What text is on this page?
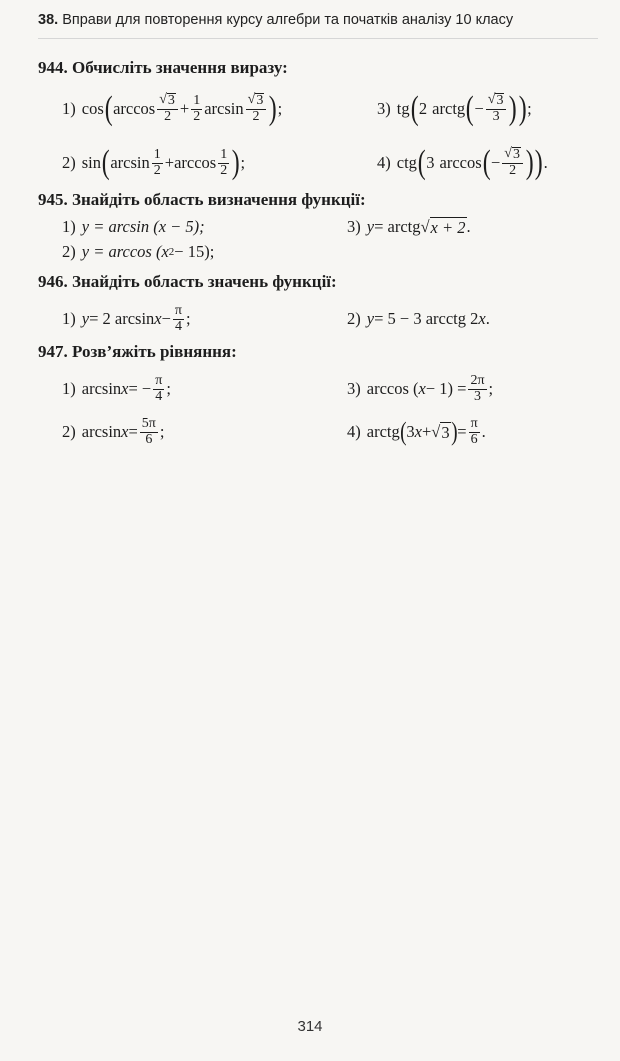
38. Вправи для повторення курсу алгебри та початків аналізу 10 класу

944. Обчисліть значення виразу:

1) cos ( $\arccos \frac{√ 3}{2} + \frac{1}{2}$ $\arcsin \frac{√ 3}{2}$ ) ;	3) tg ( 2 arctg ( − $\frac{√ 3}{3}$ ) ) ;
2) sin ( $\arcsin \frac{1}{2} + \arccos \frac{1}{2}$ ) ;	4) ctg ( 3 arccos ( − $\frac{√ 3}{2}$ ) ) .

945. Знайдіть область визначення функції:

1) y = arcsin (x − 5);	3) y = arctg √ x + 2 .
2) y = arccos (x 2 − 15);

946. Знайдіть область значень функції:

1) y = 2 $\arcsin x - \frac{\pi}{4}$ ;	2) y = 5 − 3 arcctg 2 x .

947. Розв’яжіть рівняння:

1) arcsin x = − $\frac{\pi}{4}$ ;	3) arccos ( $x - 1) = \frac{2\pi}{3}$ ;
2) $\arcsin x = \frac{5\pi}{6}$ ;	4) arctg ( 3 x + √ 3 ) = $\frac{\pi}{6}$ .
314
